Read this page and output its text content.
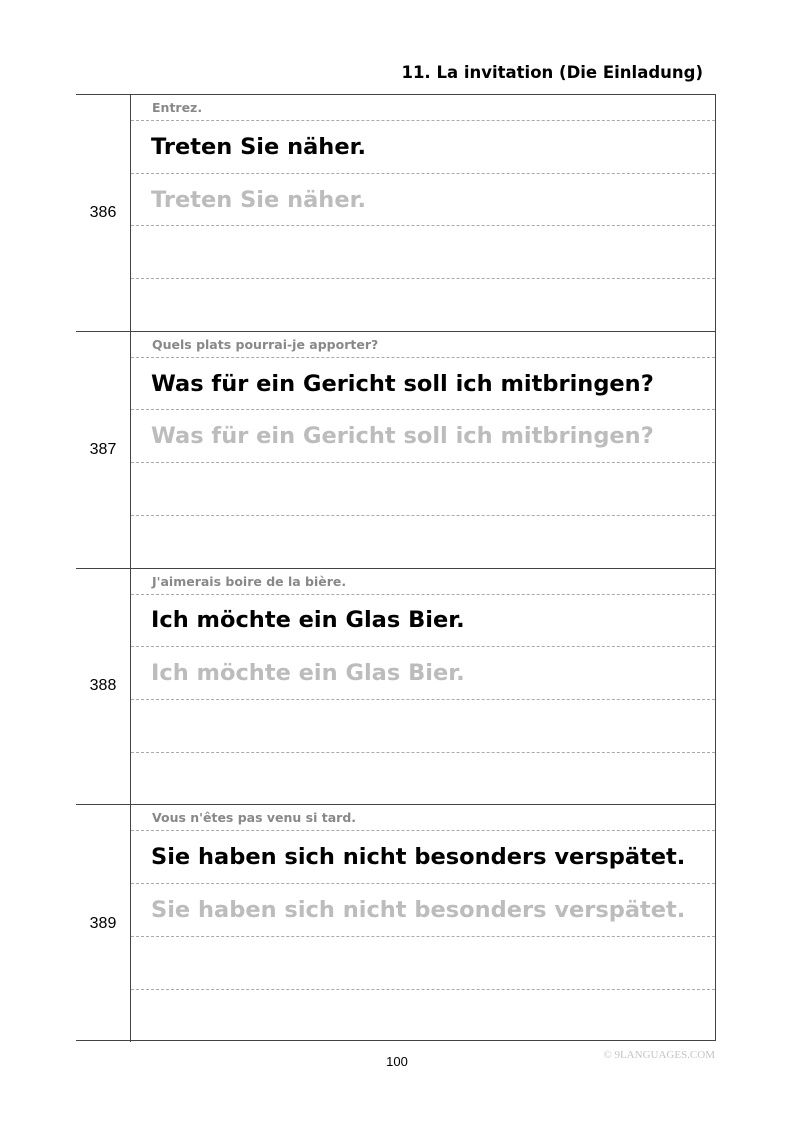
11. La invitation (Die Einladung)
386
Entrez.
Treten Sie näher.
Treten Sie näher.
387
Quels plats pourrai-je apporter?
Was für ein Gericht soll ich mitbringen?
Was für ein Gericht soll ich mitbringen?
388
J'aimerais boire de la bière.
Ich möchte ein Glas Bier.
Ich möchte ein Glas Bier.
389
Vous n'êtes pas venu si tard.
Sie haben sich nicht besonders verspätet.
Sie haben sich nicht besonders verspätet.
100	© 9LANGUAGES.COM
